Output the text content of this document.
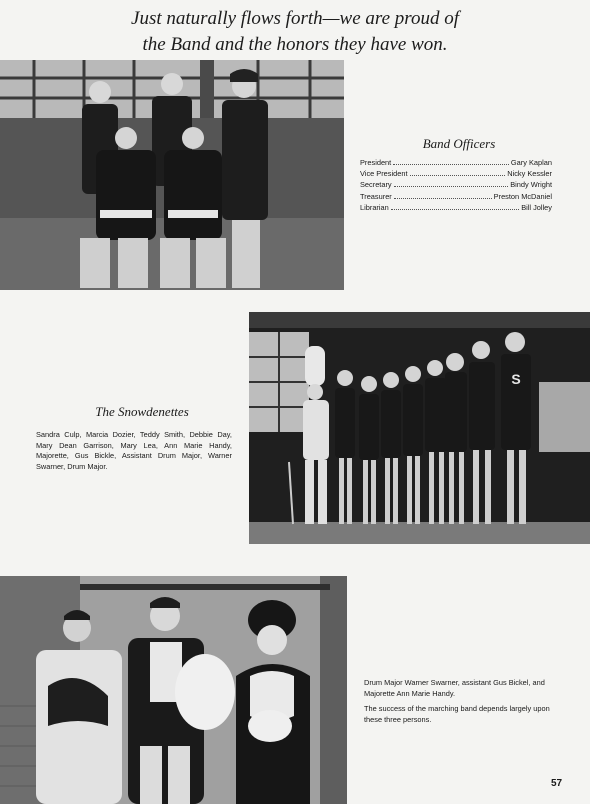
Just naturally flows forth—we are proud of
the Band and the honors they have won.
Band Officers
President	Gary Kaplan
Vice President	Nicky Kessler
Secretary	Bindy Wright
Treasurer	Preston McDaniel
Librarian	Bill Jolley
S
The Snowdenettes
Sandra Culp, Marcia Dozier, Teddy Smith, Debbie Day, Mary Dean Garrison, Mary Lea, Ann Marie Handy, Majorette, Gus Bickle, Assistant Drum Major, Warner Swarner, Drum Major.

Drum Major Warner Swarner, assistant Gus Bickel, and Majorette Ann Marie Handy.

The success of the marching band depends largely upon these three persons.

57
